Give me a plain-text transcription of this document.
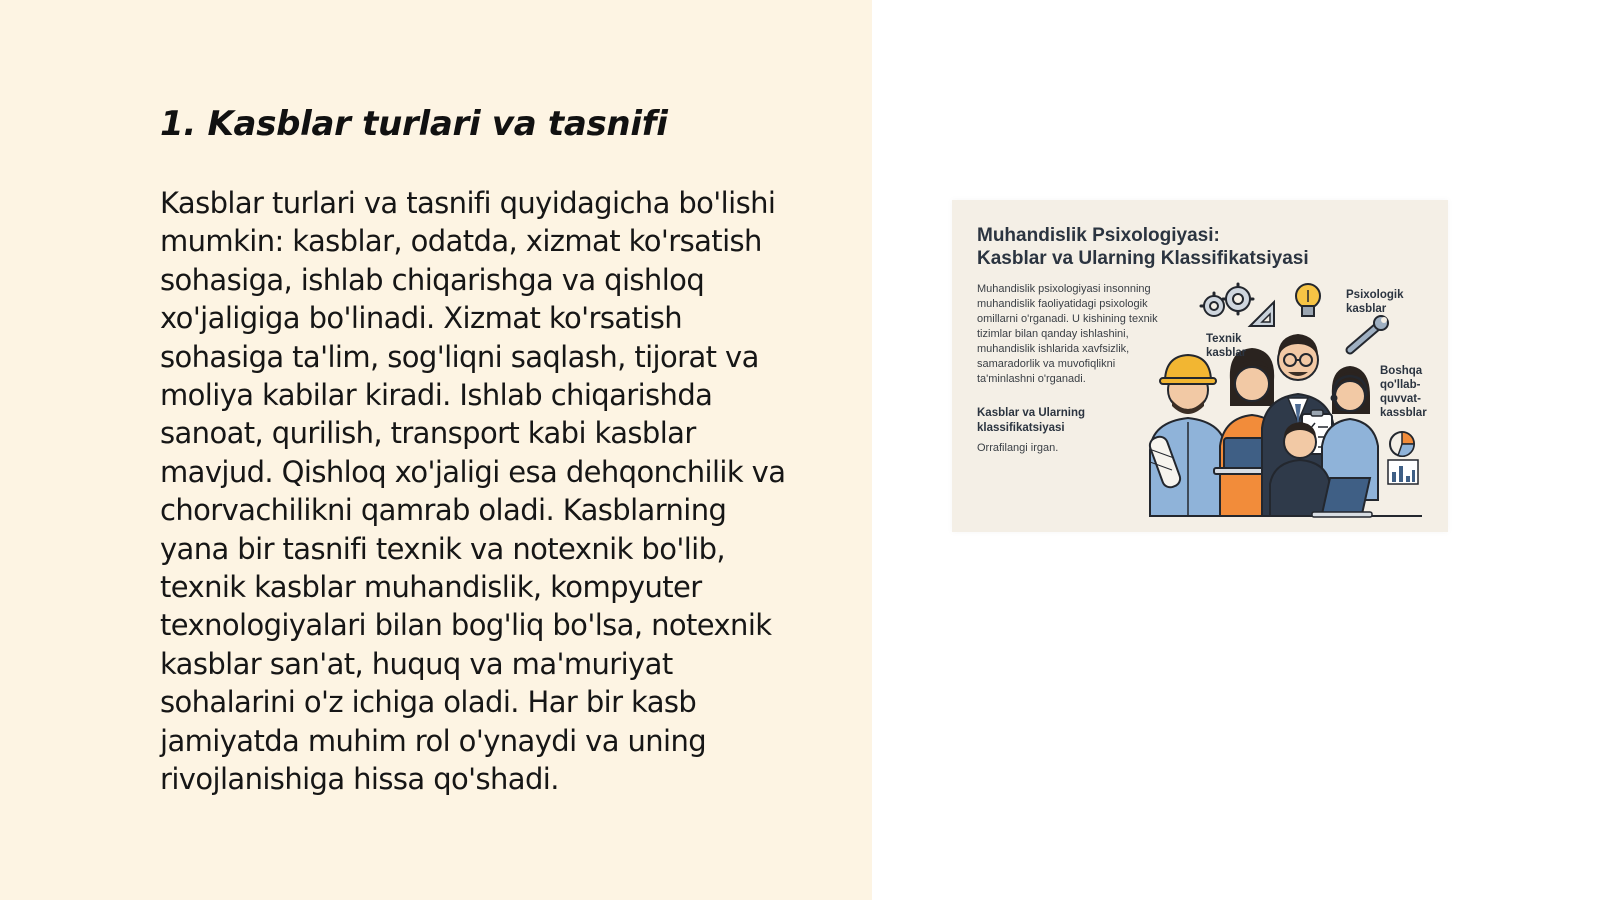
1. Kasblar turlari va tasnifi
Kasblar turlari va tasnifi quyidagicha bo'lishi
mumkin: kasblar, odatda, xizmat ko'rsatish
sohasiga, ishlab chiqarishga va qishloq
xo'jaligiga bo'linadi. Xizmat ko'rsatish
sohasiga ta'lim, sog'liqni saqlash, tijorat va
moliya kabilar kiradi. Ishlab chiqarishda
sanoat, qurilish, transport kabi kasblar
mavjud. Qishloq xo'jaligi esa dehqonchilik va
chorvachilikni qamrab oladi. Kasblarning
yana bir tasnifi texnik va notexnik bo'lib,
texnik kasblar muhandislik, kompyuter
texnologiyalari bilan bog'liq bo'lsa, notexnik
kasblar san'at, huquq va ma'muriyat
sohalarini o'z ichiga oladi. Har bir kasb
jamiyatda muhim rol o'ynaydi va uning
rivojlanishiga hissa qo'shadi.
Muhandislik Psixologiyasi:
Kasblar va Ularning Klassifikatsiyasi
Muhandislik psixologiyasi insonning
muhandislik faoliyatidagi psixologik
omillarni o'rganadi. U kishining texnik
tizimlar bilan qanday ishlashini,
muhandislik ishlarida xavfsizlik,
samaradorlik va muvofiqlikni
ta'minlashni o'rganadi.
Kasblar va Ularning
klassifikatsiyasi
Orrafilangi irgan.
Texnik
kasblar
Psixologik
kasblar
Boshqa
qo'llab-
quvvat-
kassblar
